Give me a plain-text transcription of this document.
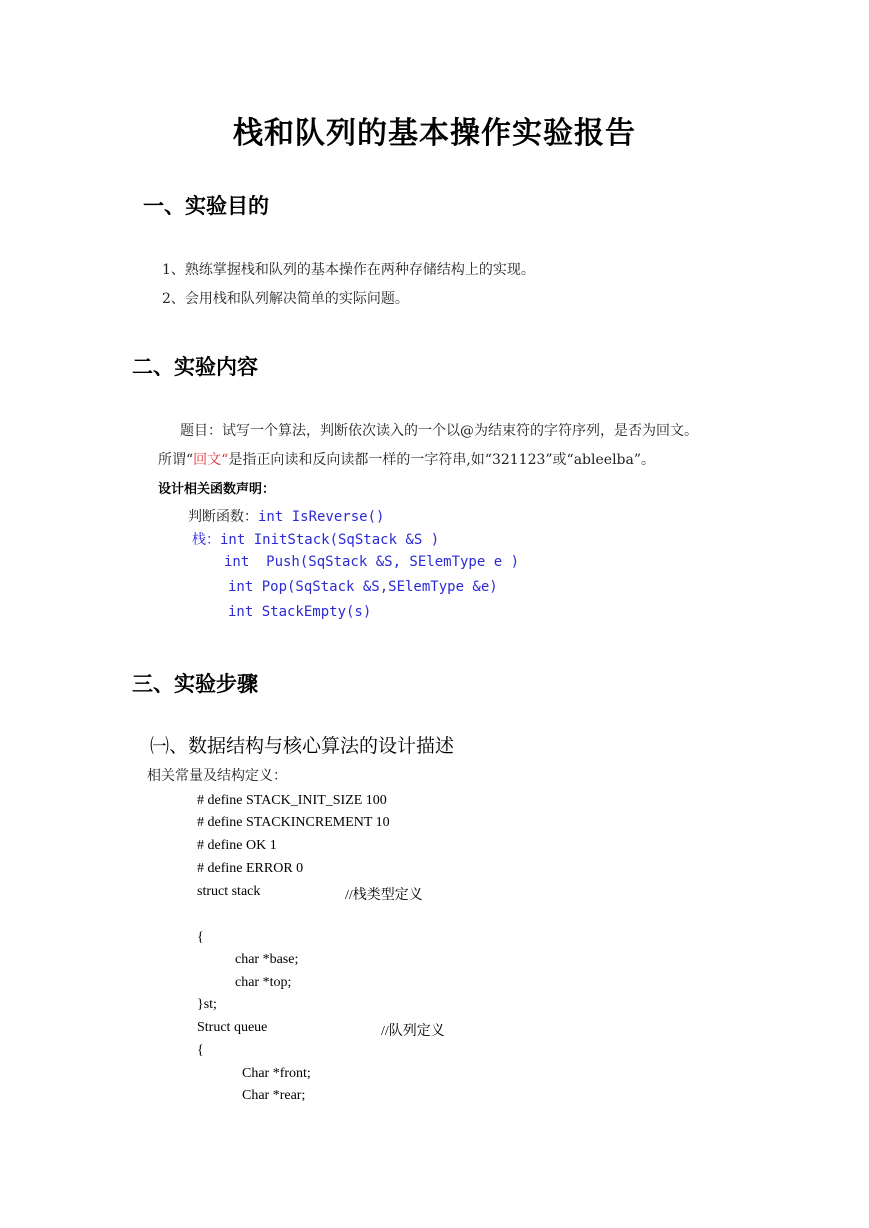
栈和队列的基本操作实验报告
一、实验目的
1、熟练掌握栈和队列的基本操作在两种存储结构上的实现。
2、会用栈和队列解决简单的实际问题。
二、实验内容
题目：试写一个算法，判断依次读入的一个以@为结束符的字符序列，是否为回文。
所谓“回文“是指正向读和反向读都一样的一字符串,如“321123”或“ableelba”。
设计相关函数声明：
判断函数：int IsReverse()
栈：int InitStack(SqStack &S )
int  Push(SqStack &S, SElemType e )
int Pop(SqStack &S,SElemType &e)
int StackEmpty(s)
三、实验步骤
㈠、数据结构与核心算法的设计描述
相关常量及结构定义：
# define STACK_INIT_SIZE 100
# define STACKINCREMENT 10
# define OK 1
# define ERROR 0
struct stack	//栈类型定义
{
char *base;
char *top;
}st;
Struct queue	//队列定义
{
Char *front;
Char *rear;
